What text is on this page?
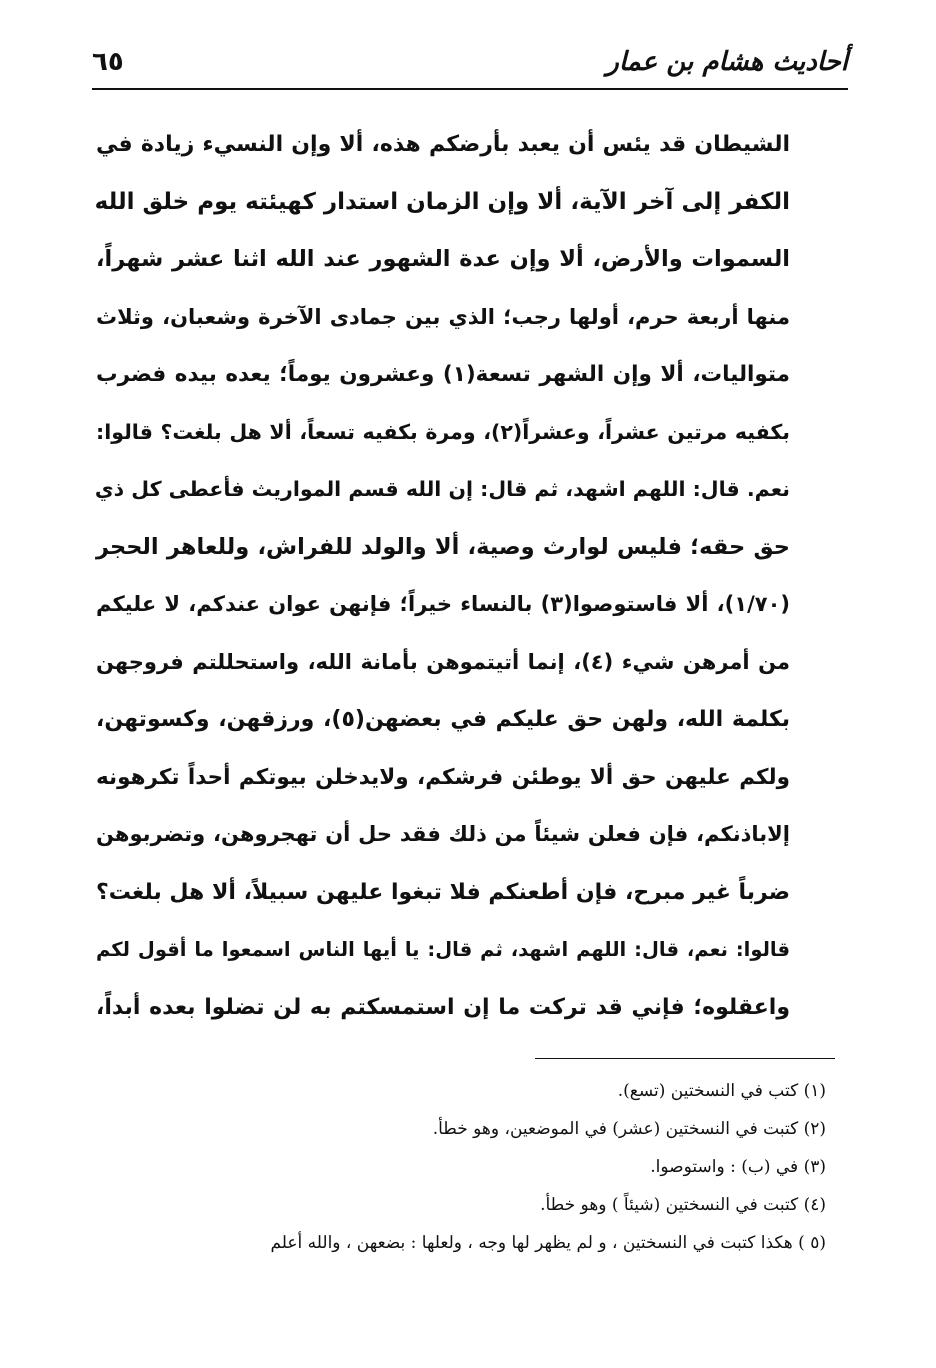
أحاديث هشام بن عمار
٦٥
الشيطان قد يئس أن يعبد بأرضكم هذه، ألا وإن النسيء زيادة في
الكفر إلى آخر الآية، ألا وإن الزمان استدار كهيئته يوم خلق الله
السموات والأرض، ألا وإن عدة الشهور عند الله اثنا عشر شهراً،
منها أربعة حرم، أولها رجب؛ الذي بين جمادى الآخرة وشعبان، وثلاث
متواليات، ألا وإن الشهر تسعة(١) وعشرون يوماً؛ يعده بيده فضرب
بكفيه مرتين عشراً، وعشراً(٢)، ومرة بكفيه تسعاً، ألا هل بلغت؟ قالوا:
نعم. قال: اللهم اشهد، ثم قال: إن الله قسم المواريث فأعطى كل ذي
حق حقه؛ فليس لوارث وصية، ألا والولد للفراش، وللعاهر الحجر
(١/٧٠)، ألا فاستوصوا(٣) بالنساء خيراً؛ فإنهن عوان عندكم، لا عليكم
من أمرهن شيء (٤)، إنما أتيتموهن بأمانة الله، واستحللتم فروجهن
بكلمة الله، ولهن حق عليكم في بعضهن(٥)، ورزقهن، وكسوتهن،
ولكم عليهن حق ألا يوطئن فرشكم، ولايدخلن بيوتكم أحداً تكرهونه
إلاباذنكم، فإن فعلن شيئاً من ذلك فقد حل أن تهجروهن، وتضربوهن
ضرباً غير مبرح، فإن أطعنكم فلا تبغوا عليهن سبيلاً، ألا هل بلغت؟
قالوا: نعم، قال: اللهم اشهد، ثم قال: يا أيها الناس اسمعوا ما أقول لكم
واعقلوه؛ فإني قد تركت ما إن استمسكتم به لن تضلوا بعده أبداً،
(١) كتب في النسختين (تسع).
(٢) كتبت في النسختين (عشر) في الموضعين، وهو خطأ.
(٣) في (ب) : واستوصوا.
(٤) كتبت في النسختين (شيئاً ) وهو خطأ.
(٥ ) هكذا كتبت في النسختين ، و لم يظهر لها وجه ، ولعلها : بضعهن ، والله أعلم
